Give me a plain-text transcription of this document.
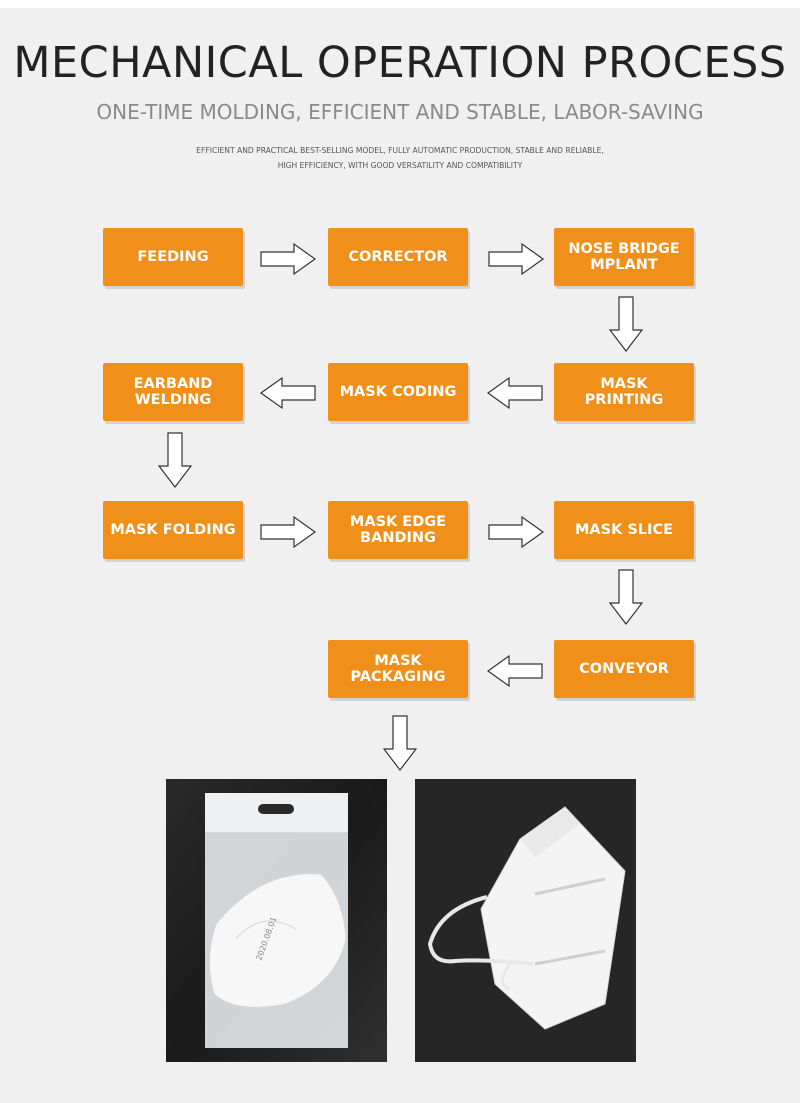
MECHANICAL OPERATION PROCESS
ONE-TIME MOLDING, EFFICIENT AND STABLE, LABOR-SAVING
EFFICIENT AND PRACTICAL BEST-SELLING MODEL, FULLY AUTOMATIC PRODUCTION, STABLE AND RELIABLE,
HIGH EFFICIENCY, WITH GOOD VERSATILITY AND COMPATIBILITY
FEEDING	CORRECTOR	NOSE BRIDGE MPLANT
EARBAND WELDING	MASK CODING	MASK PRINTING
MASK FOLDING	MASK EDGE BANDING	MASK SLICE
MASK PACKAGING	CONVEYOR
2020.08.01
